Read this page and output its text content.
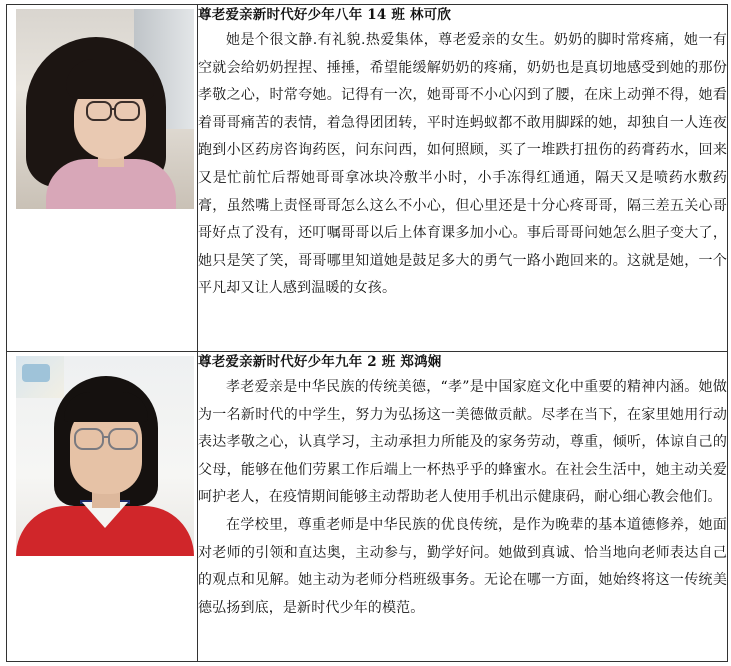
	尊老爱亲新时代好少年八年 14 班 林可欣

她是个很文静.有礼貌.热爱集体，尊老爱亲的女生。奶奶的脚时常疼痛，她一有空就会给奶奶捏捏、捶捶，希望能缓解奶奶的疼痛，奶奶也是真切地感受到她的那份孝敬之心，时常夸她。记得有一次，她哥哥不小心闪到了腰，在床上动弹不得，她看着哥哥痛苦的表情，着急得团团转，平时连蚂蚁都不敢用脚踩的她，却独自一人连夜跑到小区药房咨询药医，问东问西，如何照顾，买了一堆跌打扭伤的药膏药水，回来又是忙前忙后帮她哥哥拿冰块冷敷半小时，小手冻得红通通，隔天又是喷药水敷药膏，虽然嘴上责怪哥哥怎么这么不小心，但心里还是十分心疼哥哥，隔三差五关心哥哥好点了没有，还叮嘱哥哥以后上体育课多加小心。事后哥哥问她怎么胆子变大了，她只是笑了笑，哥哥哪里知道她是鼓足多大的勇气一路小跑回来的。这就是她，一个平凡却又让人感到温暖的女孩。

	尊老爱亲新时代好少年九年 2 班 郑鸿娴

孝老爱亲是中华民族的传统美德，“孝”是中国家庭文化中重要的精神内涵。她做为一名新时代的中学生，努力为弘扬这一美德做贡献。尽孝在当下，在家里她用行动表达孝敬之心，认真学习，主动承担力所能及的家务劳动，尊重，倾听，体谅自己的父母，能够在他们劳累工作后端上一杯热乎乎的蜂蜜水。在社会生活中，她主动关爱呵护老人，在疫情期间能够主动帮助老人使用手机出示健康码，耐心细心教会他们。

在学校里，尊重老师是中华民族的优良传统，是作为晚辈的基本道德修养，她面对老师的引领和直达奥，主动参与，勤学好问。她做到真诚、恰当地向老师表达自己的观点和见解。她主动为老师分档班级事务。无论在哪一方面，她始终将这一传统美德弘扬到底，是新时代少年的模范。
